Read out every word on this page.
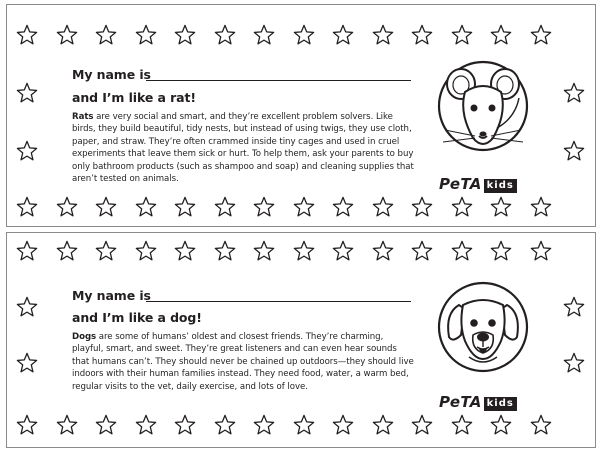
My name is
and I’m like a rat!
Rats are very social and smart, and they’re excellent problem solvers. Like birds, they build beautiful, tidy nests, but instead of using twigs, they use cloth, paper, and straw. They’re often crammed inside tiny cages and used in cruel experiments that leave them sick or hurt. To help them, ask your parents to buy only bathroom products (such as shampoo and soap) and cleaning supplies that aren’t tested on animals.	PeTA kids
My name is
and I’m like a dog!
Dogs are some of humans’ oldest and closest friends. They’re charming, playful, smart, and sweet. They’re great listeners and can even hear sounds that humans can’t. They should never be chained up outdoors—they should live indoors with their human families instead. They need food, water, a warm bed, regular visits to the vet, daily exercise, and lots of love.
PeTA kids
